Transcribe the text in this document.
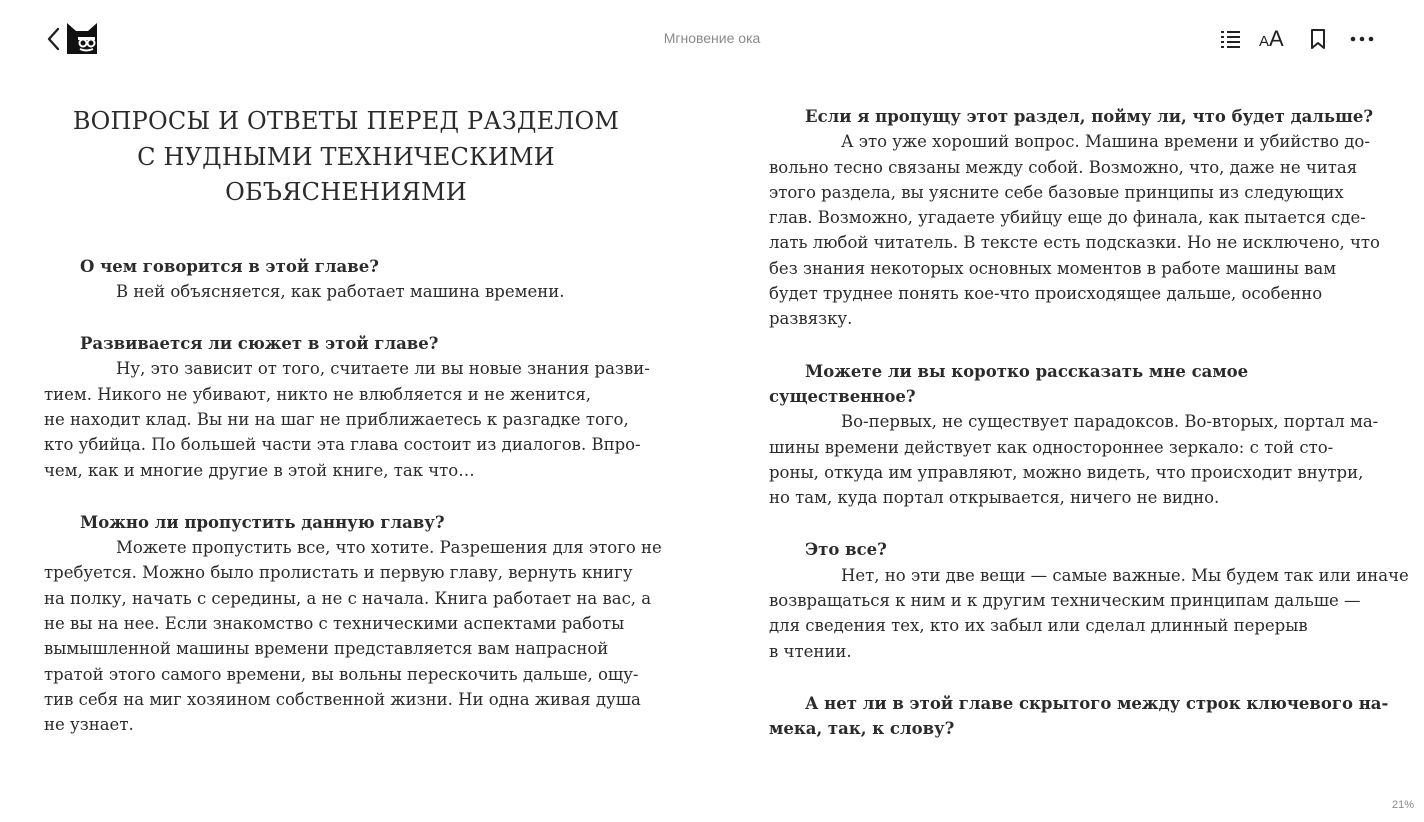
Мгновение ока	AA
ВОПРОСЫ И ОТВЕТЫ ПЕРЕД РАЗДЕЛОМ
С НУДНЫМИ ТЕХНИЧЕСКИМИ
ОБЪЯСНЕНИЯМИ
О чем говорится в этой главе?
В ней объясняется, как работает машина времени.
Развивается ли сюжет в этой главе?
Ну, это зависит от того, считаете ли вы новые знания разви-
тием. Никого не убивают, никто не влюбляется и не женится,
не находит клад. Вы ни на шаг не приближаетесь к разгадке того,
кто убийца. По большей части эта глава состоит из диалогов. Впро-
чем, как и многие другие в этой книге, так что…
Можно ли пропустить данную главу?
Можете пропустить все, что хотите. Разрешения для этого не
требуется. Можно было пролистать и первую главу, вернуть книгу
на полку, начать с середины, а не с начала. Книга работает на вас, а
не вы на нее. Если знакомство с техническими аспектами работы
вымышленной машины времени представляется вам напрасной
тратой этого самого времени, вы вольны перескочить дальше, ощу-
тив себя на миг хозяином собственной жизни. Ни одна живая душа
не узнает.
Если я пропущу этот раздел, пойму ли, что будет дальше?
А это уже хороший вопрос. Машина времени и убийство до-
вольно тесно связаны между собой. Возможно, что, даже не читая
этого раздела, вы уясните себе базовые принципы из следующих
глав. Возможно, угадаете убийцу еще до финала, как пытается сде-
лать любой читатель. В тексте есть подсказки. Но не исключено, что
без знания некоторых основных моментов в работе машины вам
будет труднее понять кое-что происходящее дальше, особенно
развязку.
Можете ли вы коротко рассказать мне самое
существенное?
Во-первых, не существует парадоксов. Во-вторых, портал ма-
шины времени действует как одностороннее зеркало: с той сто-
роны, откуда им управляют, можно видеть, что происходит внутри,
но там, куда портал открывается, ничего не видно.
Это все?
Нет, но эти две вещи — самые важные. Мы будем так или иначе
возвращаться к ним и к другим техническим принципам дальше —
для сведения тех, кто их забыл или сделал длинный перерыв
в чтении.
А нет ли в этой главе скрытого между строк ключевого на-
мека, так, к слову?
21%
